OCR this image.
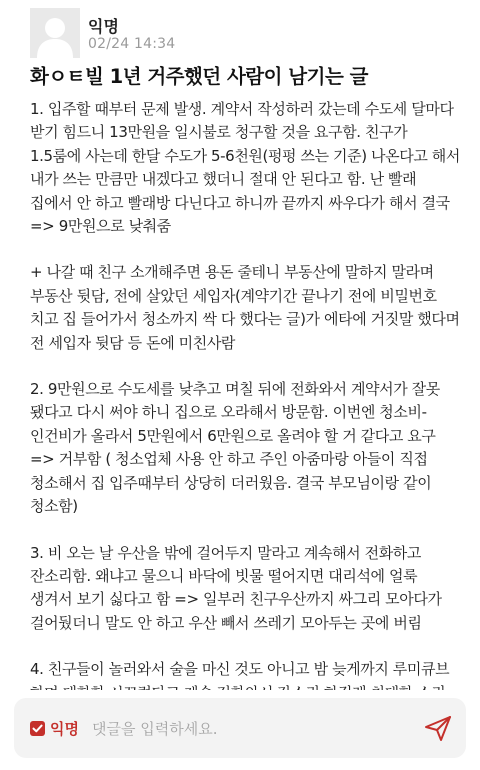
익명
02/24 14:34
화ㅇㅌ빌 1년 거주했던 사람이 남기는 글

1. 입주할 때부터 문제 발생. 계약서 작성하러 갔는데 수도세 달마다 받기 힘드니 13만원을 일시불로 청구할 것을 요구함. 친구가 1.5룸에 사는데 한달 수도가 5-6천원(펑펑 쓰는 기준) 나온다고 해서 내가 쓰는 만큼만 내겠다고 했더니 절대 안 된다고 함. 난 빨래 집에서 안 하고 빨래방 다닌다고 하니까 끝까지 싸우다가 해서 결국=> 9만원으로 낮춰줌

+ 나갈 때 친구 소개해주면 용돈 줄테니 부동산에 말하지 말라며 부동산 뒷담, 전에 살았던 세입자(계약기간 끝나기 전에 비밀번호 치고 집 들어가서 청소까지 싹 다 했다는 글)가 에타에 거짓말 했다며 전 세입자 뒷담 등 돈에 미친사람

2. 9만원으로 수도세를 낮추고 며칠 뒤에 전화와서 계약서가 잘못 됐다고 다시 써야 하니 집으로 오라해서 방문함. 이번엔 청소비-인건비가 올라서 5만원에서 6만원으로 올려야 할 거 같다고 요구 => 거부함 ( 청소업체 사용 안 하고 주인 아줌마랑 아들이 직접 청소해서 집 입주때부터 상당히 더러웠음. 결국 부모님이랑 같이 청소함)

3. 비 오는 날 우산을 밖에 걸어두지 말라고 계속해서 전화하고 잔소리함. 왜냐고 물으니 바닥에 빗물 떨어지면 대리석에 얼룩 생겨서 보기 싫다고 함 => 일부러 친구우산까지 싸그리 모아다가 걸어뒀더니 말도 안 하고 우산 빼서 쓰레기 모아두는 곳에 버림

4. 친구들이 놀러와서 술을 마신 것도 아니고 밤 늦게까지 루미큐브

익명
댓글을 입력하세요.
